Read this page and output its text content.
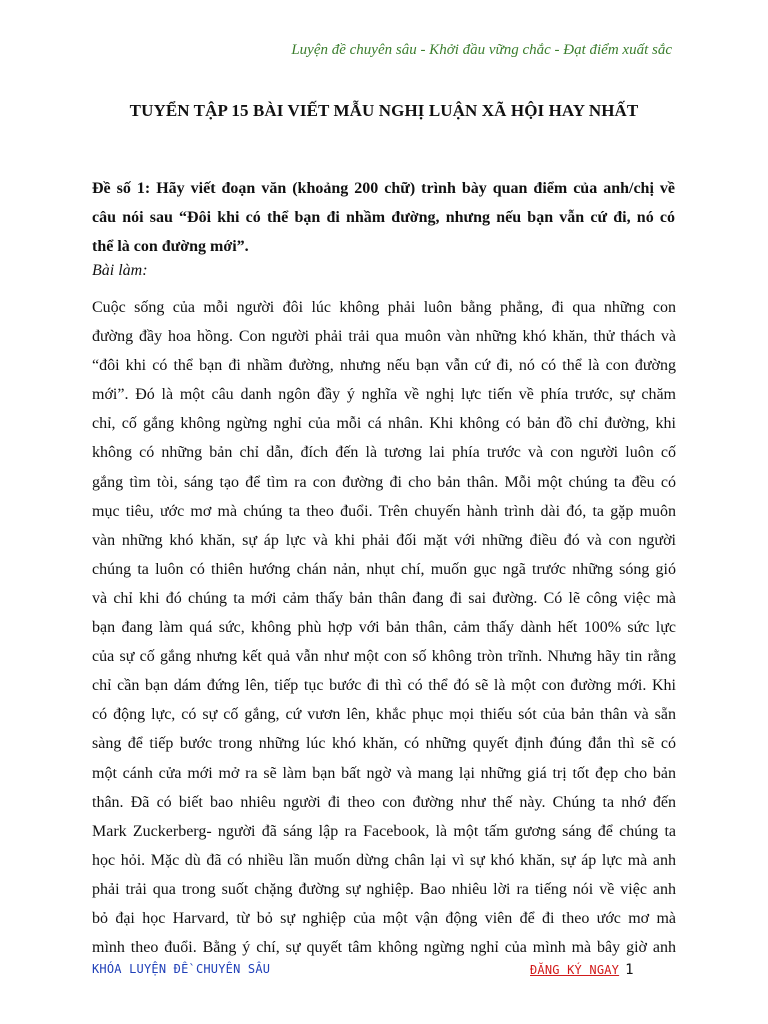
Luyện đề chuyên sâu - Khởi đầu vững chắc - Đạt điểm xuất sắc
TUYỂN TẬP 15 BÀI VIẾT MẪU NGHỊ LUẬN XÃ HỘI HAY NHẤT
Đề số 1: Hãy viết đoạn văn (khoảng 200 chữ) trình bày quan điểm của anh/chị về
câu nói sau “Đôi khi có thể bạn đi nhầm đường, nhưng nếu bạn vẫn cứ đi, nó có
thể là con đường mới”.
Bài làm:
Cuộc sống của mỗi người đôi lúc không phải luôn bằng phẳng, đi qua những con
đường đầy hoa hồng. Con người phải trải qua muôn vàn những khó khăn, thử thách và
“đôi khi có thể bạn đi nhầm đường, nhưng nếu bạn vẫn cứ đi, nó có thể là con đường
mới”. Đó là một câu danh ngôn đầy ý nghĩa về nghị lực tiến về phía trước, sự chăm
chỉ, cố gắng không ngừng nghỉ của mỗi cá nhân. Khi không có bản đồ chỉ đường, khi
không có những bản chỉ dẫn, đích đến là tương lai phía trước và con người luôn cố
gắng tìm tòi, sáng tạo để tìm ra con đường đi cho bản thân. Mỗi một chúng ta đều có
mục tiêu, ước mơ mà chúng ta theo đuổi. Trên chuyến hành trình dài đó, ta gặp muôn
vàn những khó khăn, sự áp lực và khi phải đối mặt với những điều đó và con người
chúng ta luôn có thiên hướng chán nản, nhụt chí, muốn gục ngã trước những sóng gió
và chỉ khi đó chúng ta mới cảm thấy bản thân đang đi sai đường. Có lẽ công việc mà
bạn đang làm quá sức, không phù hợp với bản thân, cảm thấy dành hết 100% sức lực
của sự cố gắng nhưng kết quả vẫn như một con số không tròn trĩnh. Nhưng hãy tin rằng
chỉ cần bạn dám đứng lên, tiếp tục bước đi thì có thể đó sẽ là một con đường mới. Khi
có động lực, có sự cố gắng, cứ vươn lên, khắc phục mọi thiếu sót của bản thân và sẵn
sàng để tiếp bước trong những lúc khó khăn, có những quyết định đúng đắn thì sẽ có
một cánh cửa mới mở ra sẽ làm bạn bất ngờ và mang lại những giá trị tốt đẹp cho bản
thân. Đã có biết bao nhiêu người đi theo con đường như thế này. Chúng ta nhớ đến
Mark Zuckerberg- người đã sáng lập ra Facebook, là một tấm gương sáng để chúng ta
học hỏi. Mặc dù đã có nhiều lần muốn dừng chân lại vì sự khó khăn, sự áp lực mà anh
phải trải qua trong suốt chặng đường sự nghiệp. Bao nhiêu lời ra tiếng nói về việc anh
bỏ đại học Harvard, từ bỏ sự nghiệp của một vận động viên để đi theo ước mơ mà
mình theo đuổi. Bằng ý chí, sự quyết tâm không ngừng nghỉ của mình mà bây giờ anh
KHÓA LUYỆN ĐỀ CHUYÊN SÂU	ĐĂNG KÝ NGAY 1
